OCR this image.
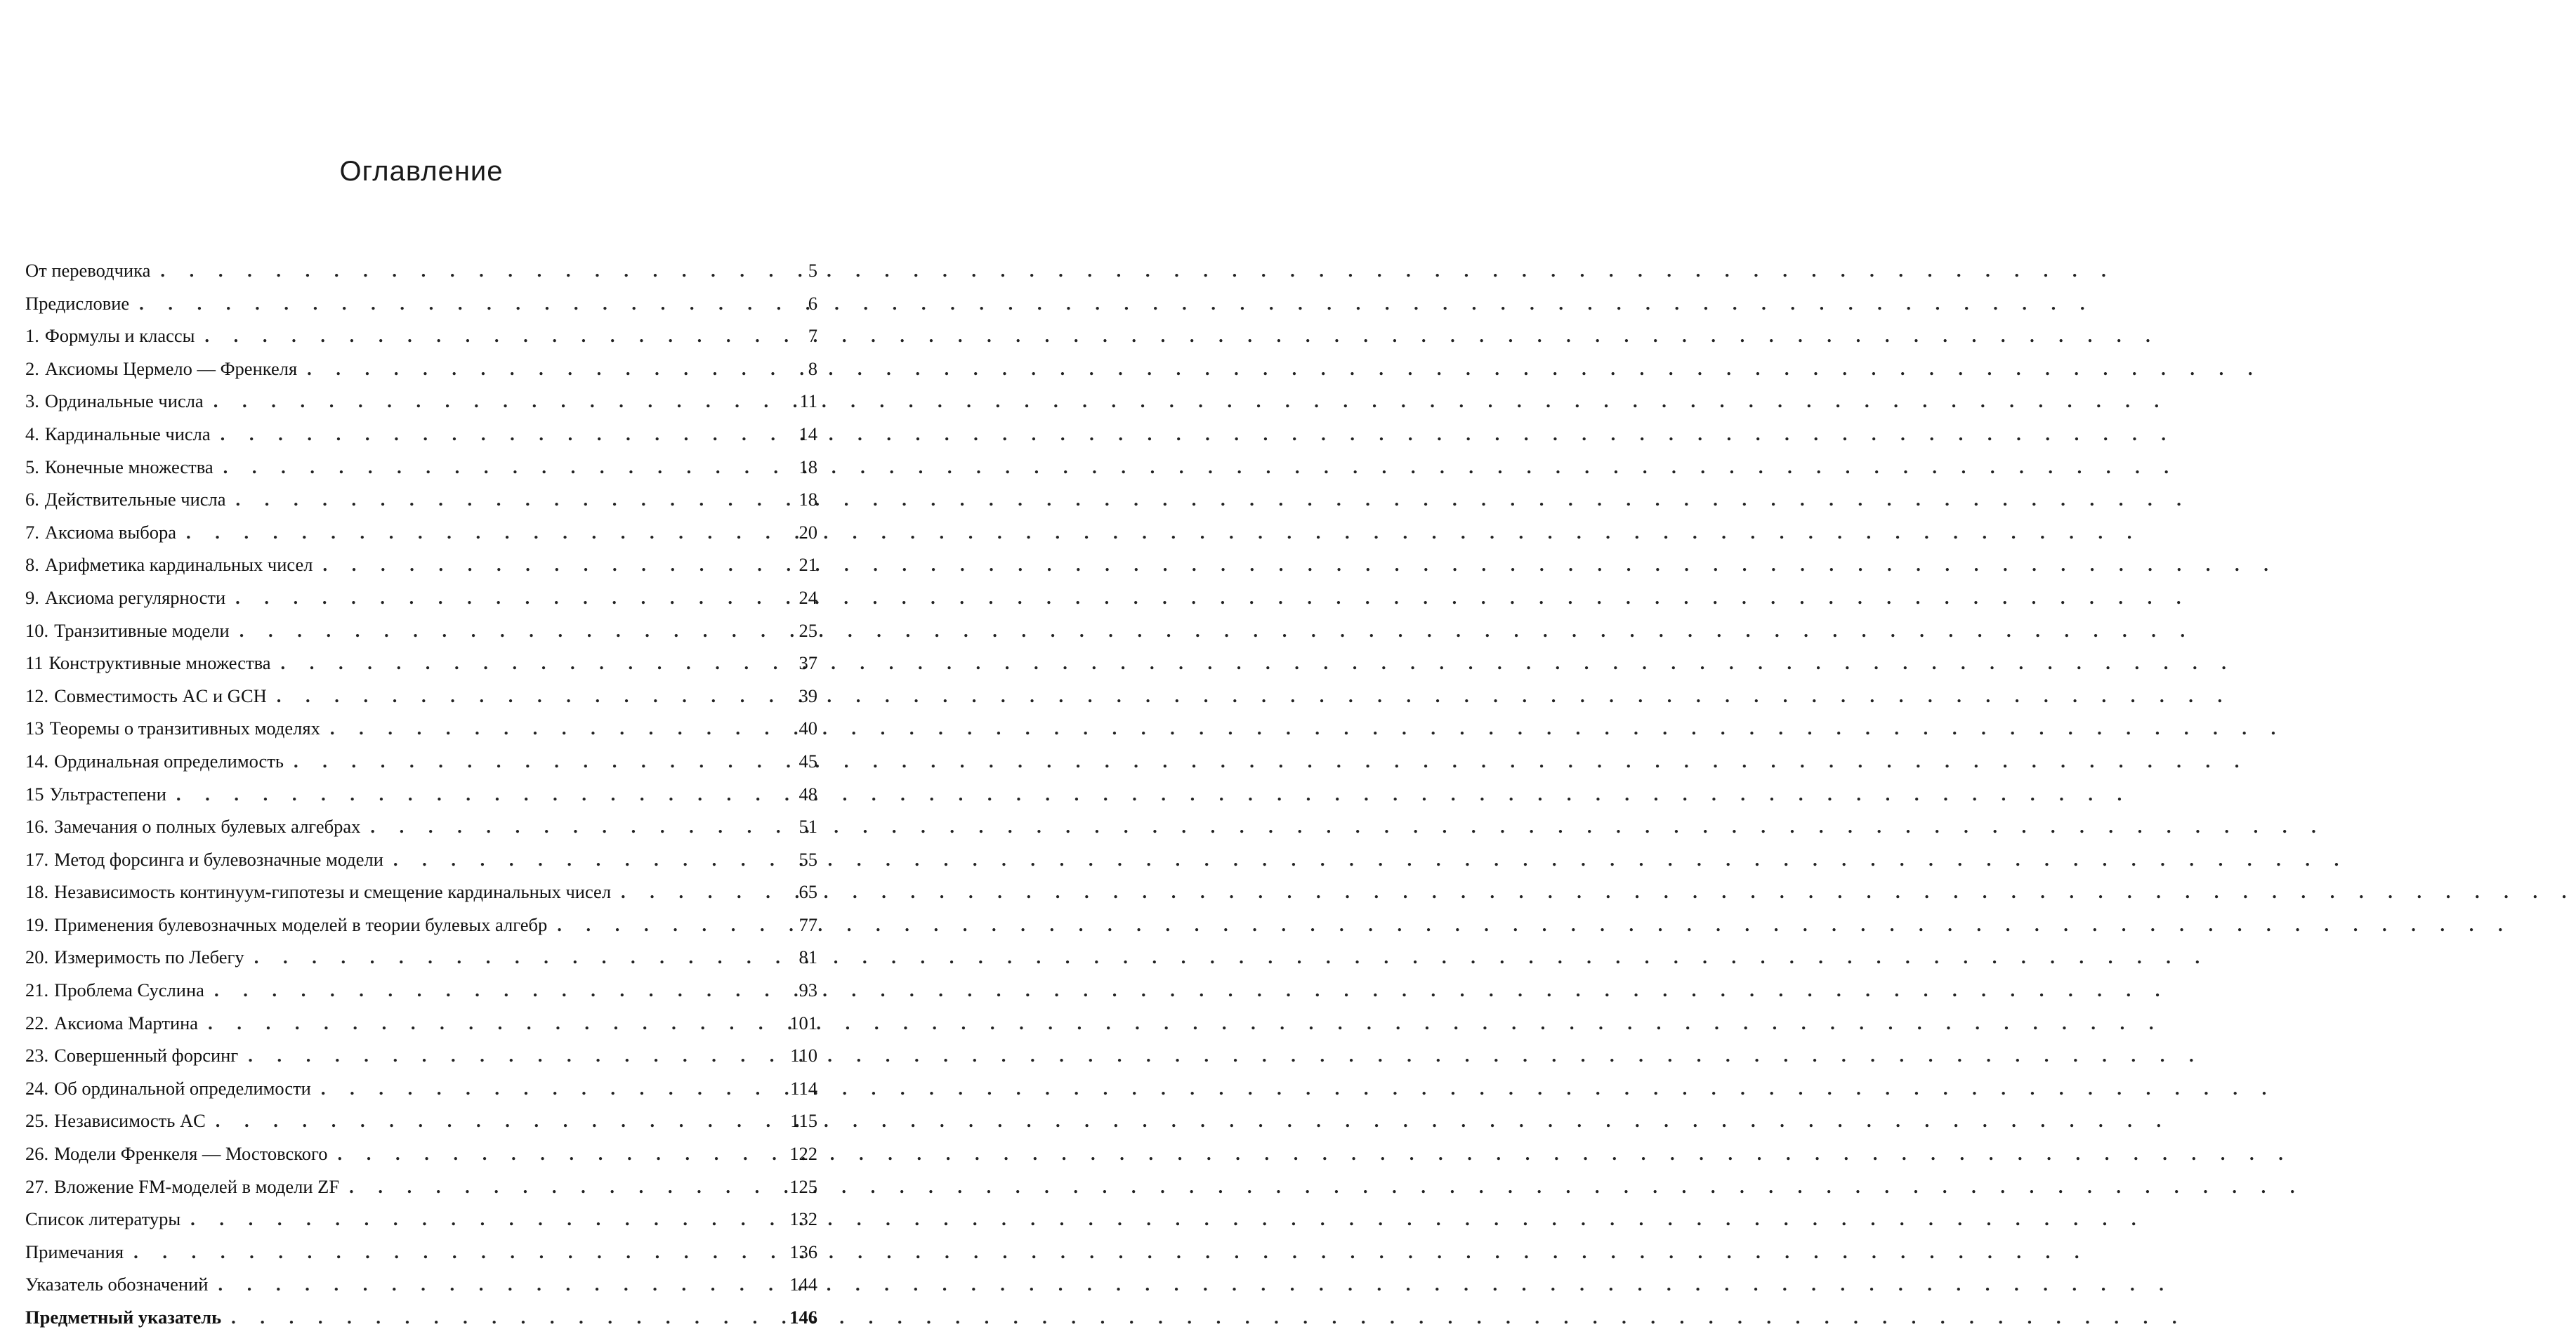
Оглавление
От переводчика . . .	5
Предисловие . . .	6
1. Формулы и классы . . .	7
2. Аксиомы Цермело — Френкеля . . .	8
3. Ординальные числа . . .	11
4. Кардинальные числа . . .	14
5. Конечные множества . . .	18
6. Действительные числа . . .	18
7. Аксиома выбора . . .	20
8. Арифметика кардинальных чисел . . .	21
9. Аксиома регулярности . . .	24
10. Транзитивные модели . . .	25
11 Конструктивные множества . . .	37
12. Совместимость AC и GCH . . .	39
13 Теоремы о транзитивных моделях . . .	40
14. Ординальная определимость . . .	45
15 Ультрастепени . . .	48
16. Замечания о полных булевых алгебрах . . .	51
17. Метод форсинга и булевозначные модели . . .	55
18. Независимость континуум-гипотезы и смещение кардинальных чисел . . .	65
19. Применения булевозначных моделей в теории булевых алгебр . . .	77
20. Измеримость по Лебегу . . .	81
21. Проблема Суслина . . .	93
22. Аксиома Мартина . . .	101
23. Совершенный форсинг . . .	110
24. Об ординальной определимости . . .	114
25. Независимость AC . . .	115
26. Модели Френкеля — Мостовского . . .	122
27. Вложение FM-моделей в модели ZF . . .	125
Список литературы . . .	132
Примечания . . .	136
Указатель обозначений . . .	144
Предметный указатель . . .	146
